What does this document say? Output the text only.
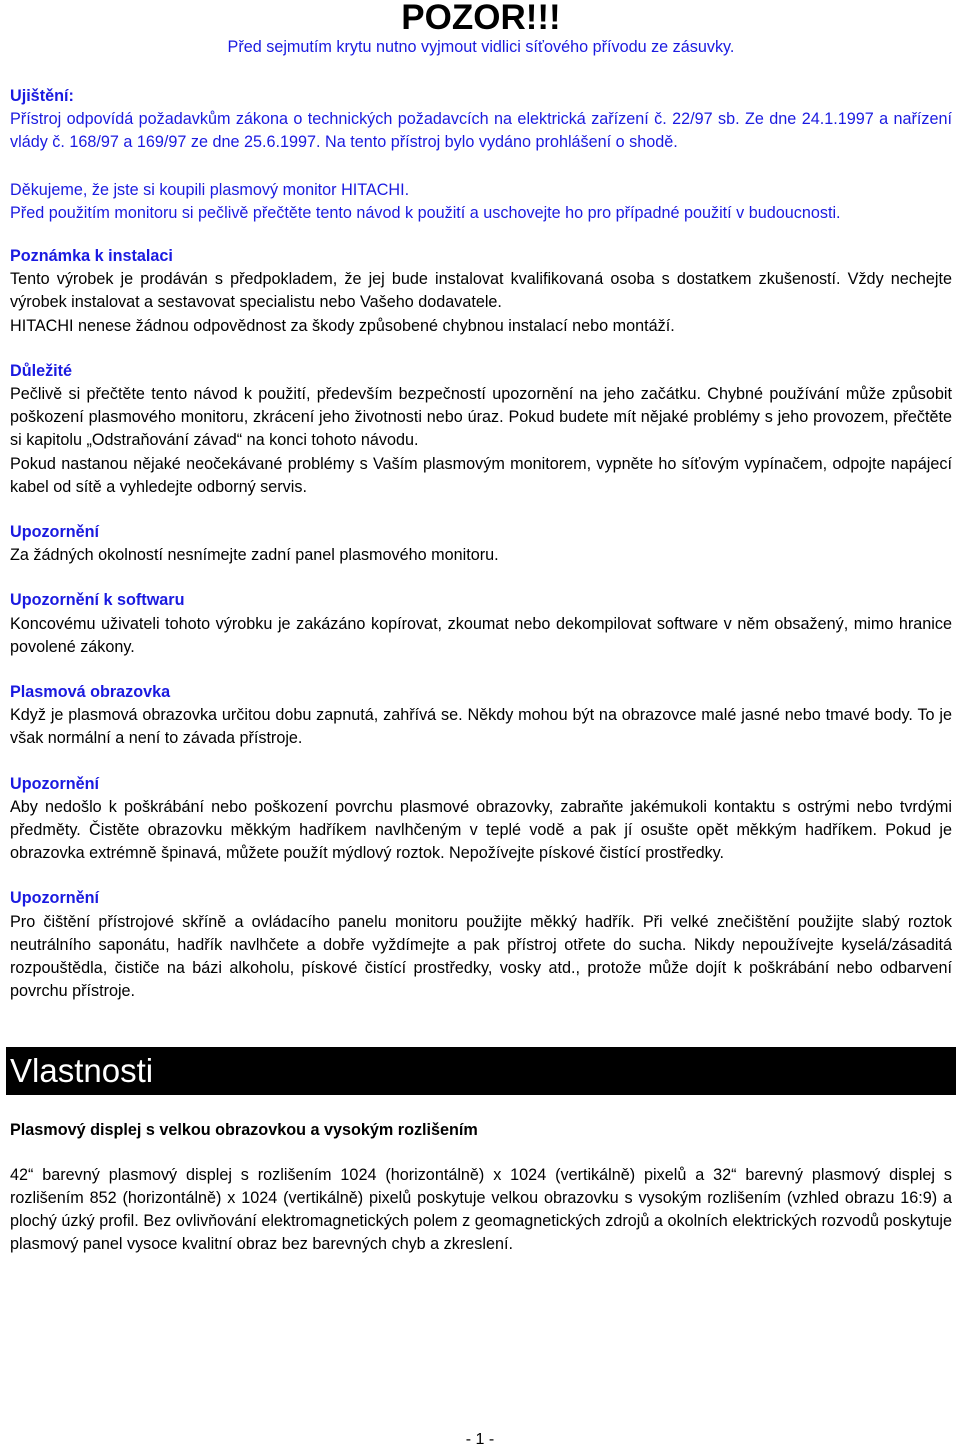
POZOR!!!

Před sejmutím krytu nutno vyjmout vidlici síťového přívodu ze zásuvky.

Ujištění:

Přístroj odpovídá požadavkům zákona o technických požadavcích na elektrická zařízení č. 22/97 sb. Ze dne 24.1.1997 a nařízení vlády č. 168/97 a 169/97 ze dne 25.6.1997. Na tento přístroj bylo vydáno prohlášení o shodě.

Děkujeme, že jste si koupili plasmový monitor HITACHI.

Před použitím monitoru si pečlivě přečtěte tento návod k použití a uschovejte ho pro případné použití v budoucnosti.

Poznámka k instalaci

Tento výrobek je prodáván s předpokladem, že jej bude instalovat kvalifikovaná osoba s dostatkem zkušeností. Vždy nechejte výrobek instalovat a sestavovat specialistu nebo Vašeho dodavatele.

HITACHI nenese žádnou odpovědnost za škody způsobené chybnou instalací nebo montáží.

Důležité

Pečlivě si přečtěte tento návod k použití, především bezpečností upozornění na jeho začátku. Chybné používání může způsobit poškození plasmového monitoru, zkrácení jeho životnosti nebo úraz. Pokud budete mít nějaké problémy s jeho provozem, přečtěte si kapitolu „Odstraňování závad“ na konci tohoto návodu.

Pokud nastanou nějaké neočekávané problémy s Vaším plasmovým monitorem, vypněte ho síťovým vypínačem, odpojte napájecí kabel od sítě a vyhledejte odborný servis.

Upozornění

Za žádných okolností nesnímejte zadní panel plasmového monitoru.

Upozornění k softwaru

Koncovému uživateli tohoto výrobku je zakázáno kopírovat, zkoumat nebo dekompilovat software v něm obsažený, mimo hranice povolené zákony.

Plasmová obrazovka

Když je plasmová obrazovka určitou dobu zapnutá, zahřívá se. Někdy mohou být na obrazovce malé jasné nebo tmavé body. To je však normální a není to závada přístroje.

Upozornění

Aby nedošlo k poškrábání nebo poškození povrchu plasmové obrazovky, zabraňte jakémukoli kontaktu s ostrými nebo tvrdými předměty. Čistěte obrazovku měkkým hadříkem navlhčeným v teplé vodě a pak jí osušte opět měkkým hadříkem. Pokud je obrazovka extrémně špinavá, můžete použít mýdlový roztok. Nepožívejte pískové čistící prostředky.

Upozornění

Pro čištění přístrojové skříně a ovládacího panelu monitoru použijte měkký hadřík. Při velké znečištění použijte slabý roztok neutrálního saponátu, hadřík navlhčete a dobře vyždímejte a pak přístroj otřete do sucha. Nikdy nepoužívejte kyselá/zásaditá rozpouštědla, čističe na bázi alkoholu, pískové čistící prostředky, vosky atd., protože může dojít k poškrábání nebo odbarvení povrchu přístroje.

Vlastnosti

Plasmový displej s velkou obrazovkou a vysokým rozlišením

42“ barevný plasmový displej s rozlišením 1024 (horizontálně) x 1024 (vertikálně) pixelů a 32“ barevný plasmový displej s rozlišením 852 (horizontálně) x 1024 (vertikálně) pixelů poskytuje velkou obrazovku s vysokým rozlišením (vzhled obrazu 16:9) a plochý úzký profil. Bez ovlivňování elektromagnetických polem z geomagnetických zdrojů a okolních elektrických rozvodů poskytuje plasmový panel vysoce kvalitní obraz bez barevných chyb a zkreslení.

- 1 -
